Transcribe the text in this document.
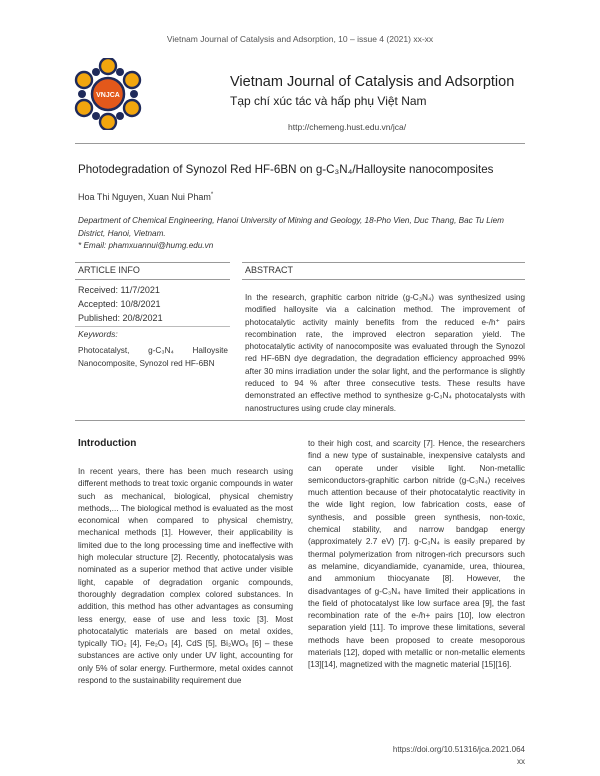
Vietnam Journal of Catalysis and Adsorption, 10 – issue 4 (2021) xx-xx
VNJCA
Vietnam Journal of Catalysis and Adsorption
Tạp chí xúc tác và hấp phụ Việt Nam
http://chemeng.hust.edu.vn/jca/
Photodegradation of Synozol Red HF-6BN on g-C₃N₄/Halloysite nanocomposites
Hoa Thi Nguyen, Xuan Nui Pham*
Department of Chemical Engineering, Hanoi University of Mining and Geology, 18-Pho Vien, Duc Thang, Bac Tu Liem District, Hanoi, Vietnam.
* Email: phamxuannui@humg.edu.vn
ARTICLE INFO
Received: 11/7/2021
Accepted: 10/8/2021
Published: 20/8/2021
Keywords:
Photocatalyst, g-C₃N₄ Halloysite Nanocomposite, Synozol red HF-6BN
ABSTRACT
In the research, graphitic carbon nitride (g-C₃N₄) was synthesized using modified halloysite via a calcination method. The improvement of photocatalytic activity mainly benefits from the reduced e-/h⁺ pairs recombination rate, the improved electron separation yield. The photocatalytic activity of nanocomposite was evaluated through the Synozol red HF-6BN dye degradation, the degradation efficiency approached 99% after 30 mins irradiation under the solar light, and the performance is slightly reduced to 94 % after three consecutive tests. These results have demonstrated an effective method to synthesize g-C₃N₄ photocatalysts with nanostructures using crude clay minerals.
Introduction
In recent years, there has been much research using different methods to treat toxic organic compounds in water such as mechanical, biological, physical chemistry methods,... The biological method is evaluated as the most economical when compared to physical chemistry, mechanical methods [1]. However, their applicability is limited due to the long processing time and ineffective with high molecular structure [2]. Recently, photocatalysis was nominated as a superior method that active under visible light, capable of degradation organic compounds, thoroughly degradation complex colored substances. In addition, this method has other advantages as consuming less energy, ease of use and less toxic [3]. Most photocatalytic materials are based on metal oxides, typically TiO₂ [4], Fe₂O₃ [4], CdS [5], Bi₂WO₆ [6] – these substances are active only under UV light, accounting for only 5% of solar energy. Furthermore, metal oxides cannot respond to the sustainability requirement due
to their high cost, and scarcity [7]. Hence, the researchers find a new type of sustainable, inexpensive catalysts and can operate under visible light. Non-metallic semiconductors-graphitic carbon nitride (g-C₃N₄) receives much attention because of their photocatalytic reactivity in the wide light region, low fabrication costs, ease of synthesis, and possible green synthesis, non-toxic, chemical stability, and narrow bandgap energy (approximately 2.7 eV) [7]. g-C₃N₄ is easily prepared by thermal polymerization from nitrogen-rich precursors such as melamine, dicyandiamide, cyanamide, urea, thiourea, and ammonium thiocyanate [8]. However, the disadvantages of g-C₃N₄ have limited their applications in the field of photocatalyst like low surface area [9], the fast recombination rate of the e-/h+ pairs [10], low electron separation yield [11]. To improve these limitations, several methods have been proposed to create mesoporous materials [12], doped with metallic or non-metallic elements [13][14], magnetized with the magnetic material [15][16].
https://doi.org/10.51316/jca.2021.064
xx
